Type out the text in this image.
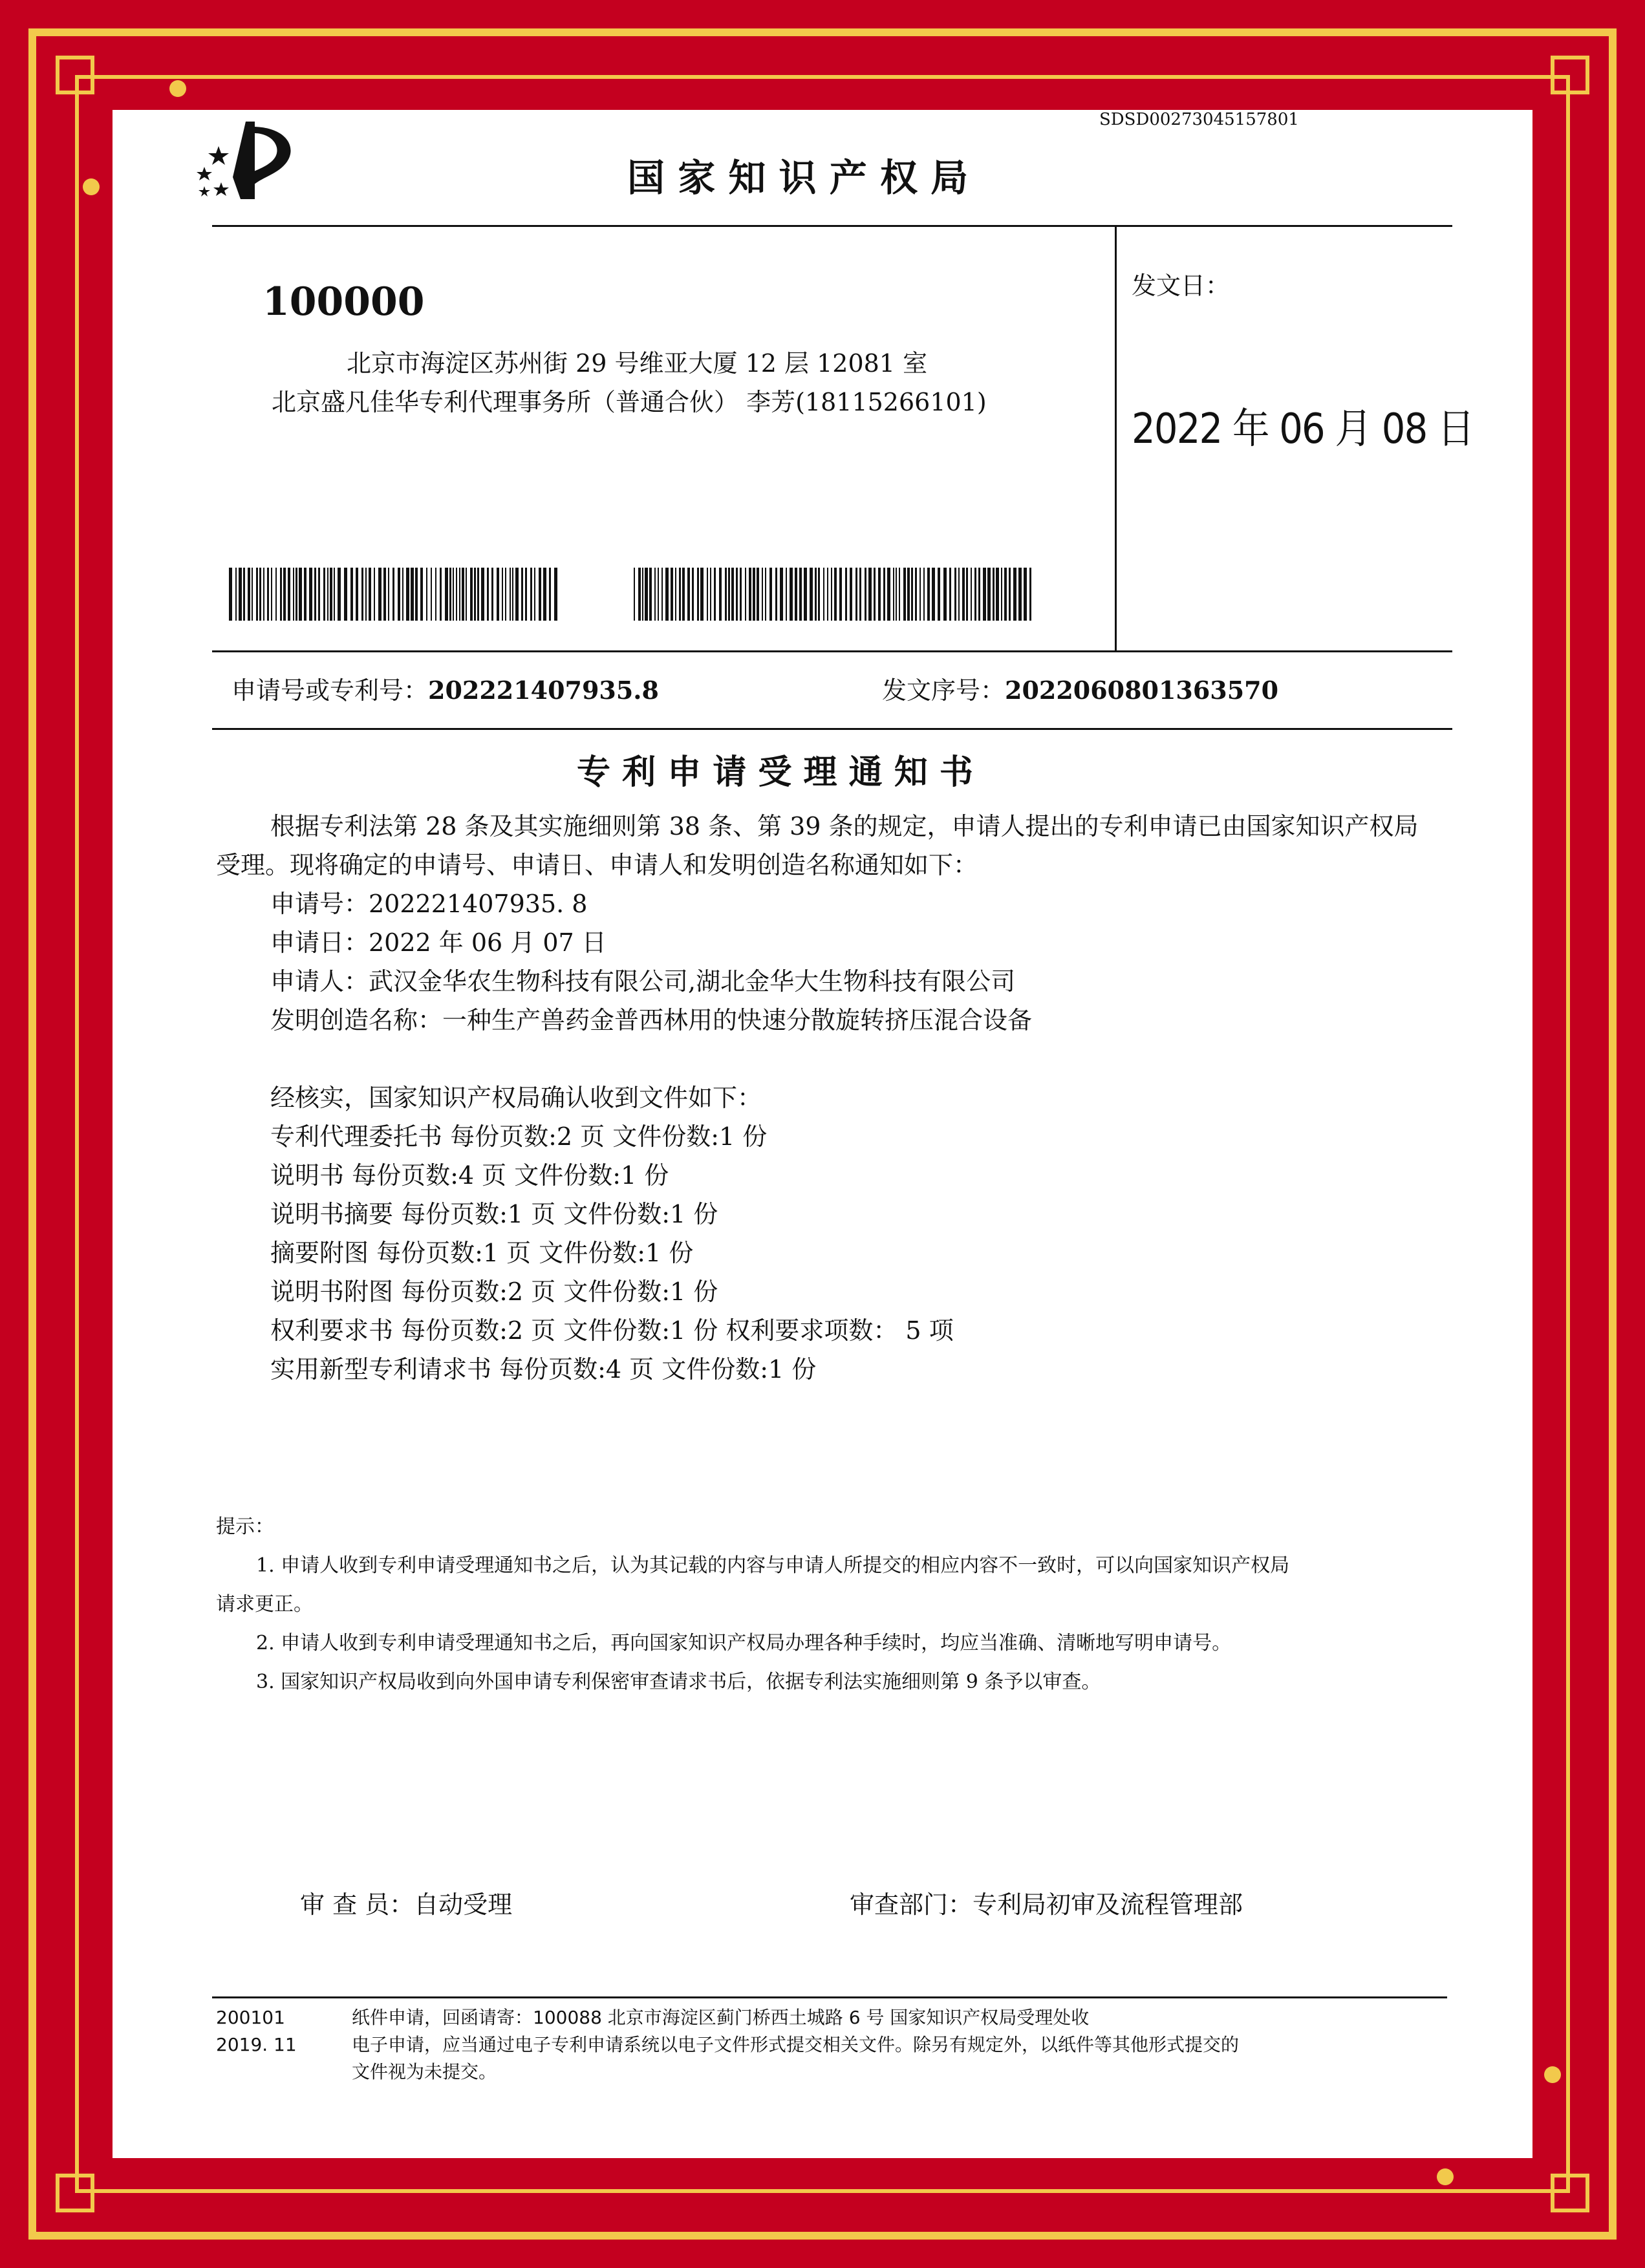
SDSD00273045157801
国 家 知 识 产 权 局
100000
北京市海淀区苏州街 29 号维亚大厦 12 层 12081 室
北京盛凡佳华专利代理事务所（普通合伙） 李芳(18115266101)
发文日：
2022 年 06 月 08 日
申请号或专利号：202221407935.8	发文序号：2022060801363570
专 利 申 请 受 理 通 知 书
根据专利法第 28 条及其实施细则第 38 条、第 39 条的规定，申请人提出的专利申请已由国家知识产权局
受理。现将确定的申请号、申请日、申请人和发明创造名称通知如下：
申请号：202221407935. 8
申请日：2022 年 06 月 07 日
申请人：武汉金华农生物科技有限公司,湖北金华大生物科技有限公司
发明创造名称：一种生产兽药金普西林用的快速分散旋转挤压混合设备

经核实，国家知识产权局确认收到文件如下：
专利代理委托书 每份页数:2 页 文件份数:1 份
说明书 每份页数:4 页 文件份数:1 份
说明书摘要 每份页数:1 页 文件份数:1 份
摘要附图 每份页数:1 页 文件份数:1 份
说明书附图 每份页数:2 页 文件份数:1 份
权利要求书 每份页数:2 页 文件份数:1 份 权利要求项数： 5 项
实用新型专利请求书 每份页数:4 页 文件份数:1 份
提示：
1. 申请人收到专利申请受理通知书之后，认为其记载的内容与申请人所提交的相应内容不一致时，可以向国家知识产权局
请求更正。
2. 申请人收到专利申请受理通知书之后，再向国家知识产权局办理各种手续时，均应当准确、清晰地写明申请号。
3. 国家知识产权局收到向外国申请专利保密审查请求书后，依据专利法实施细则第 9 条予以审查。
审 查 员：自动受理	审查部门：专利局初审及流程管理部
200101
2019. 11
纸件申请，回函请寄：100088 北京市海淀区蓟门桥西土城路 6 号 国家知识产权局受理处收
电子申请，应当通过电子专利申请系统以电子文件形式提交相关文件。除另有规定外，以纸件等其他形式提交的
文件视为未提交。
